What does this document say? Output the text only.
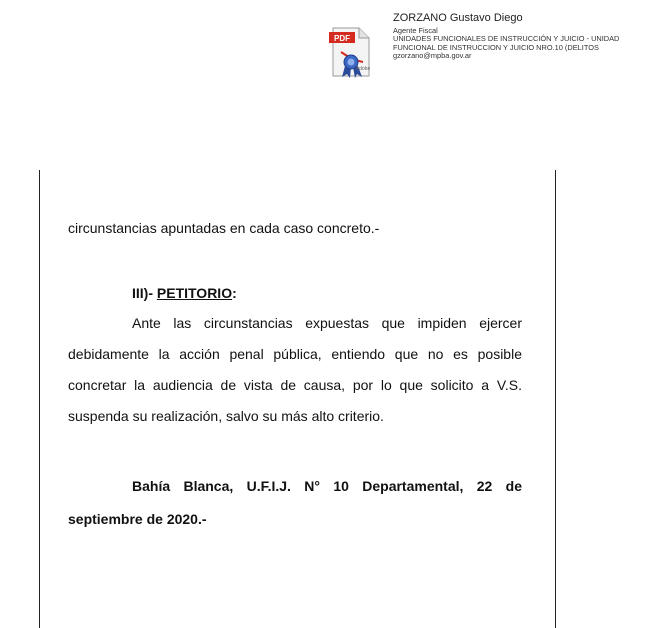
PDF
Adobe
ZORZANO Gustavo Diego
Agente Fiscal
UNIDADES FUNCIONALES DE INSTRUCCIÓN Y JUICIO - UNIDAD
FUNCIONAL DE INSTRUCCION Y JUICIO NRO.10 (DELITOS
gzorzano@mpba.gov.ar
circunstancias apuntadas en cada caso concreto.-
III)- PETITORIO:
Ante las circunstancias expuestas que impiden ejercer debidamente la acción penal pública, entiendo que no es posible concretar la audiencia de vista de causa, por lo que solicito a V.S. suspenda su realización, salvo su más alto criterio.
Bahía Blanca, U.F.I.J. N° 10 Departamental, 22 de septiembre de 2020.-
